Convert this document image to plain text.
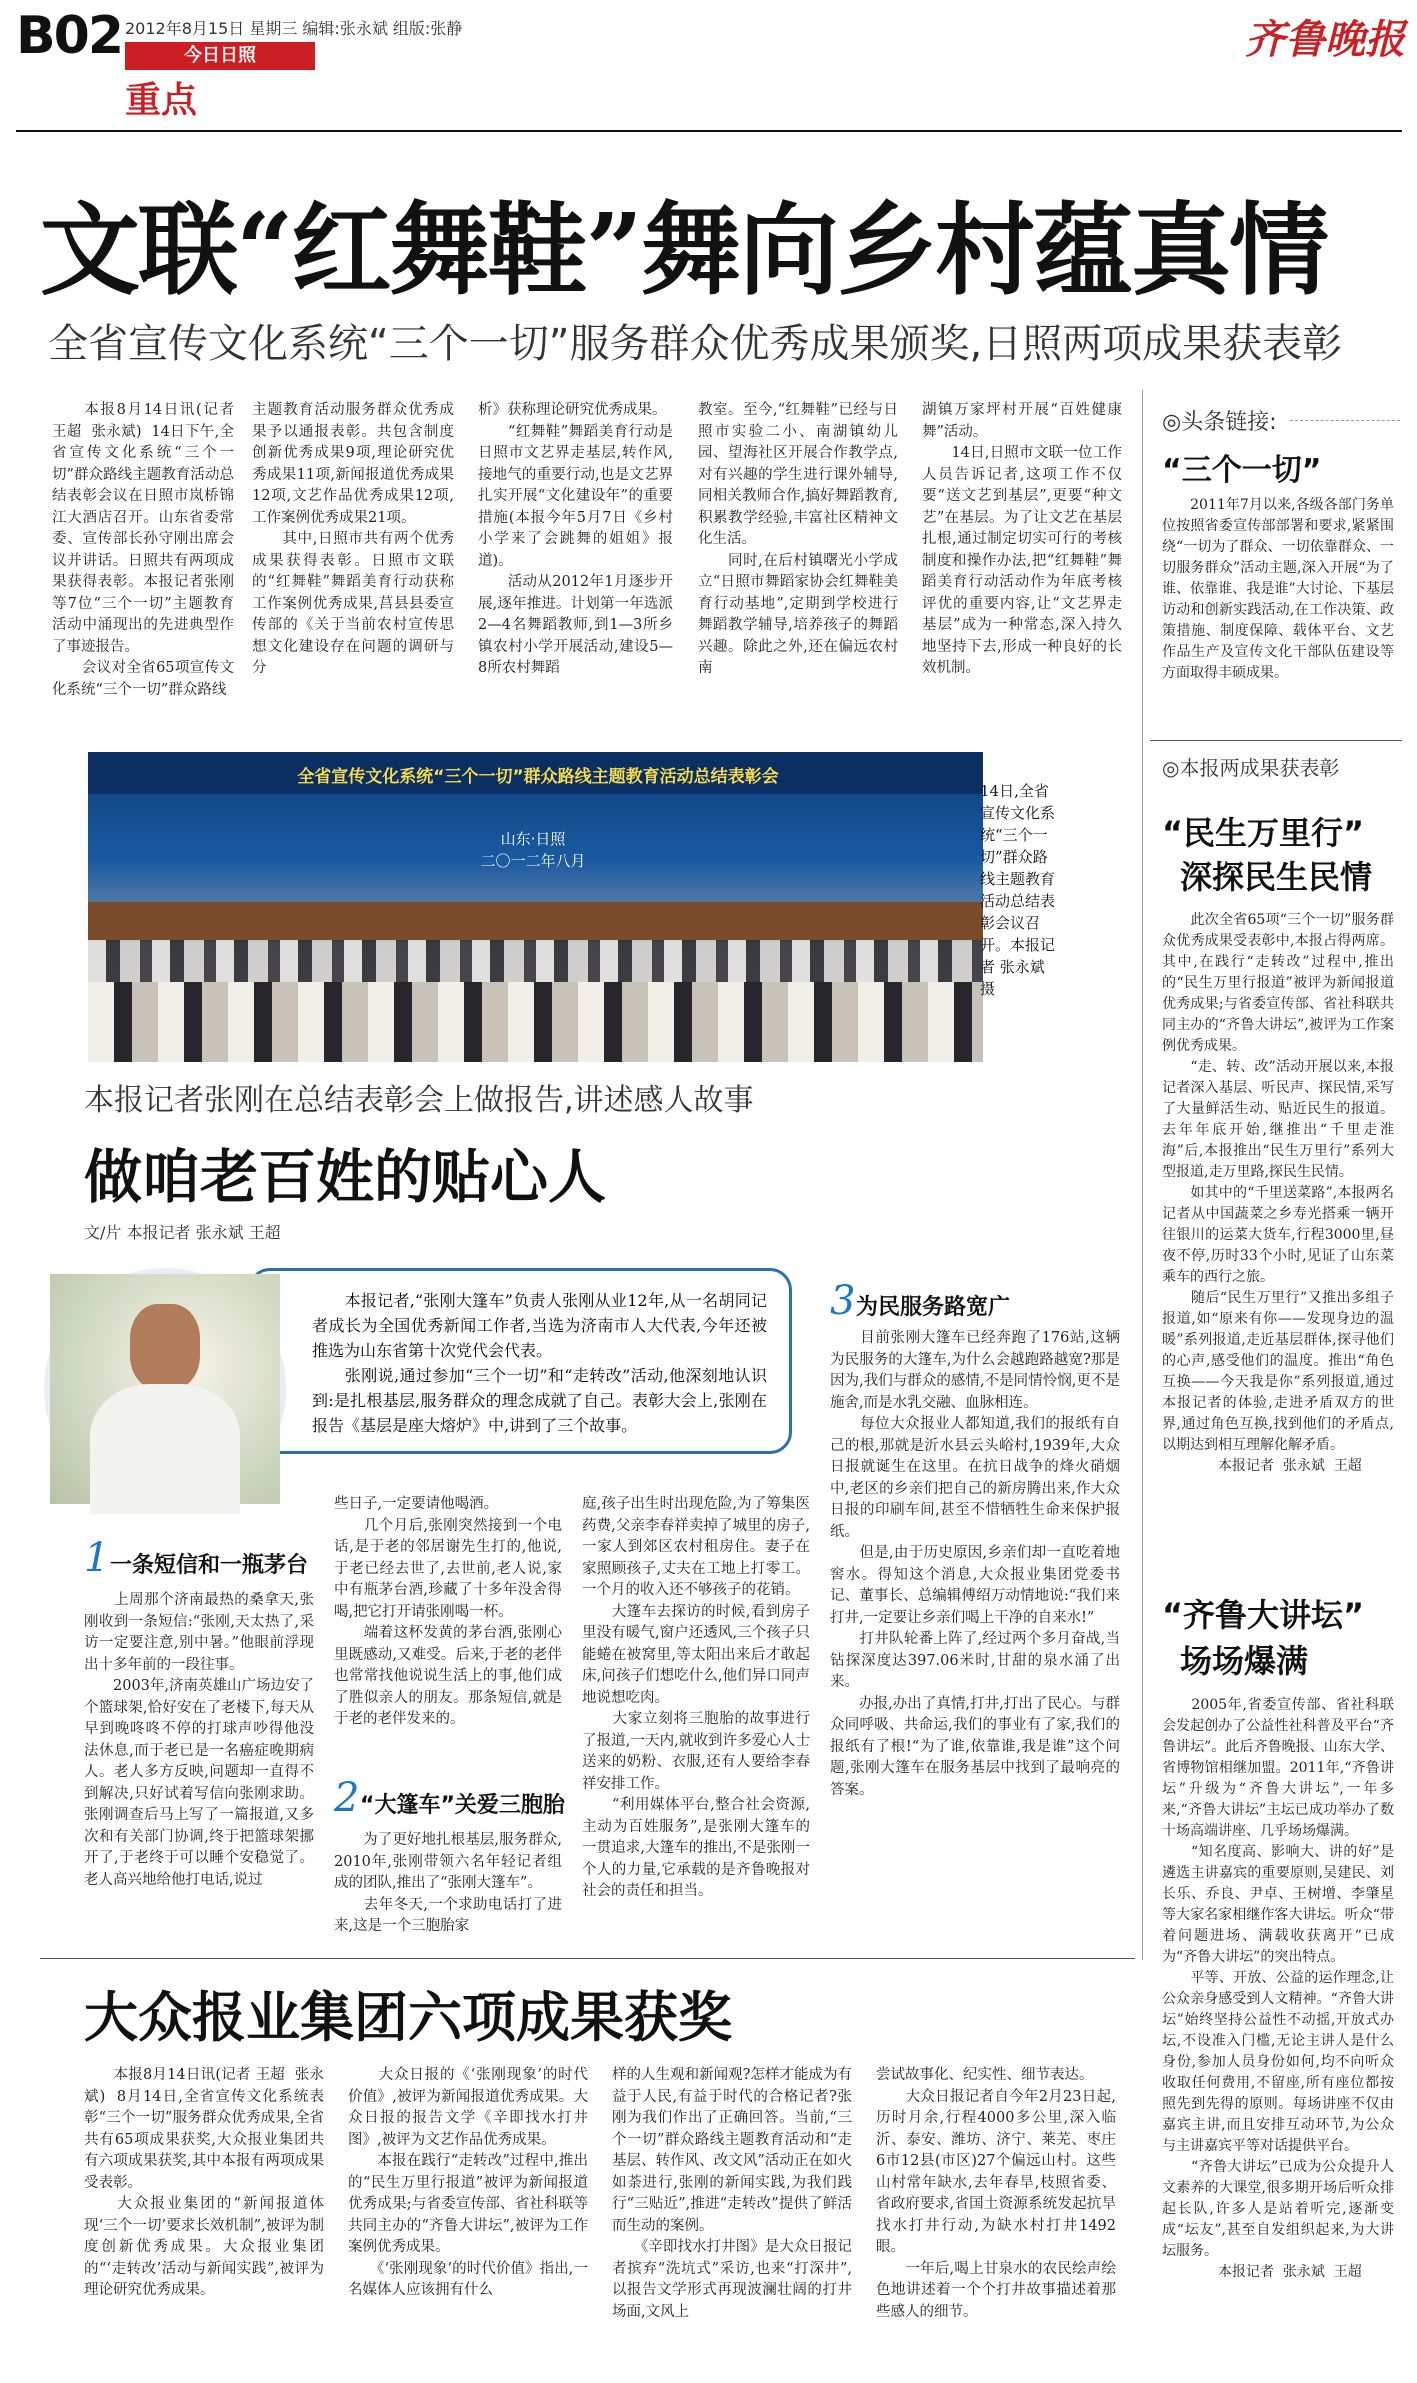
B02 2012年8月15日 星期三 编辑:张永斌 组版:张静
今日日照
重点
齐鲁晚报
文联“红舞鞋”舞向乡村蕴真情
全省宣传文化系统“三个一切”服务群众优秀成果颁奖,日照两项成果获表彰
　　本报8月14日讯(记者 王超  张永斌)  14日下午,全省宣传文化系统“三个一切”群众路线主题教育活动总结表彰会议在日照市岚桥锦江大酒店召开。山东省委常委、宣传部长孙守刚出席会议并讲话。日照共有两项成果获得表彰。本报记者张刚等7位“三个一切”主题教育活动中涌现出的先进典型作了事迹报告。
　　会议对全省65项宣传文化系统“三个一切”群众路线
主题教育活动服务群众优秀成果予以通报表彰。共包含制度创新优秀成果9项,理论研究优秀成果11项,新闻报道优秀成果12项,文艺作品优秀成果12项,工作案例优秀成果21项。
　　其中,日照市共有两个优秀成果获得表彰。日照市文联的“红舞鞋”舞蹈美育行动获称工作案例优秀成果,莒县县委宣传部的《关于当前农村宣传思想文化建设存在问题的调研与分
析》获称理论研究优秀成果。
　　“红舞鞋”舞蹈美育行动是日照市文艺界走基层,转作风,接地气的重要行动,也是文艺界扎实开展“文化建设年”的重要措施(本报今年5月7日《乡村小学来了会跳舞的姐姐》报道)。
　　活动从2012年1月逐步开展,逐年推进。计划第一年选派2—4名舞蹈教师,到1—3所乡镇农村小学开展活动,建设5—8所农村舞蹈
教室。至今,“红舞鞋”已经与日照市实验二小、南湖镇幼儿园、望海社区开展合作教学点,对有兴趣的学生进行课外辅导,同相关教师合作,搞好舞蹈教育,积累教学经验,丰富社区精神文化生活。
　　同时,在后村镇曙光小学成立“日照市舞蹈家协会红舞鞋美育行动基地”,定期到学校进行舞蹈教学辅导,培养孩子的舞蹈兴趣。除此之外,还在偏远农村南
湖镇万家坪村开展“百姓健康舞”活动。
　　14日,日照市文联一位工作人员告诉记者,这项工作不仅要“送文艺到基层”,更要“种文艺”在基层。为了让文艺在基层扎根,通过制定切实可行的考核制度和操作办法,把“红舞鞋”舞蹈美育行动活动作为年底考核评优的重要内容,让“文艺界走基层”成为一种常态,深入持久地坚持下去,形成一种良好的长效机制。
全省宣传文化系统“三个一切”群众路线主题教育活动总结表彰会
山东·日照
二〇一二年八月
14日,全省宣传文化系统“三个一切”群众路线主题教育活动总结表彰会议召开。本报记者 张永斌 摄
本报记者张刚在总结表彰会上做报告,讲述感人故事
做咱老百姓的贴心人
文/片 本报记者 张永斌 王超
　　本报记者,“张刚大篷车”负责人张刚从业12年,从一名胡同记者成长为全国优秀新闻工作者,当选为济南市人大代表,今年还被推选为山东省第十次党代会代表。
　　张刚说,通过参加“三个一切”和“走转改”活动,他深刻地认识到:是扎根基层,服务群众的理念成就了自己。表彰大会上,张刚在报告《基层是座大熔炉》中,讲到了三个故事。
1 一条短信和一瓶茅台
　　上周那个济南最热的桑拿天,张刚收到一条短信:“张刚,天太热了,采访一定要注意,别中暑。”他眼前浮现出十多年前的一段往事。
　　2003年,济南英雄山广场边安了个篮球架,恰好安在了老楼下,每天从早到晚咚咚不停的打球声吵得他没法休息,而于老已是一名癌症晚期病人。老人多方反映,问题却一直得不到解决,只好试着写信向张刚求助。张刚调查后马上写了一篇报道,又多次和有关部门协调,终于把篮球架挪开了,于老终于可以睡个安稳觉了。老人高兴地给他打电话,说过
些日子,一定要请他喝酒。
　　几个月后,张刚突然接到一个电话,是于老的邻居谢先生打的,他说,于老已经去世了,去世前,老人说,家中有瓶茅台酒,珍藏了十多年没舍得喝,把它打开请张刚喝一杯。
　　端着这杯发黄的茅台酒,张刚心里既感动,又难受。后来,于老的老伴也常常找他说说生活上的事,他们成了胜似亲人的朋友。那条短信,就是于老的老伴发来的。
2 “大篷车”关爱三胞胎
　　为了更好地扎根基层,服务群众,2010年,张刚带领六名年轻记者组成的团队,推出了“张刚大篷车”。
　　去年冬天,一个求助电话打了进来,这是一个三胞胎家
庭,孩子出生时出现危险,为了筹集医药费,父亲李春祥卖掉了城里的房子,一家人到郊区农村租房住。妻子在家照顾孩子,丈夫在工地上打零工。一个月的收入还不够孩子的花销。
　　大篷车去探访的时候,看到房子里没有暖气,窗户还透风,三个孩子只能蜷在被窝里,等太阳出来后才敢起床,问孩子们想吃什么,他们异口同声地说想吃肉。
　　大家立刻将三胞胎的故事进行了报道,一天内,就收到许多爱心人士送来的奶粉、衣服,还有人要给李春祥安排工作。
　　“利用媒体平台,整合社会资源,主动为百姓服务”,是张刚大篷车的一贯追求,大篷车的推出,不是张刚一个人的力量,它承载的是齐鲁晚报对社会的责任和担当。
3 为民服务路宽广
　　目前张刚大篷车已经奔跑了176站,这辆为民服务的大篷车,为什么会越跑路越宽?那是因为,我们与群众的感情,不是同情怜悯,更不是施舍,而是水乳交融、血脉相连。
　　每位大众报业人都知道,我们的报纸有自己的根,那就是沂水县云头峪村,1939年,大众日报就诞生在这里。在抗日战争的烽火硝烟中,老区的乡亲们把自己的新房腾出来,作大众日报的印刷车间,甚至不惜牺牲生命来保护报纸。
　　但是,由于历史原因,乡亲们却一直吃着地窖水。得知这个消息,大众报业集团党委书记、董事长、总编辑傅绍万动情地说:“我们来打井,一定要让乡亲们喝上干净的自来水!”
　　打井队轮番上阵了,经过两个多月奋战,当钻探深度达397.06米时,甘甜的泉水涌了出来。
　　办报,办出了真情,打井,打出了民心。与群众同呼吸、共命运,我们的事业有了家,我们的报纸有了根!“为了谁,依靠谁,我是谁”这个问题,张刚大篷车在服务基层中找到了最响亮的答案。
◎头条链接:
“三个一切”
　　2011年7月以来,各级各部门务单位按照省委宣传部部署和要求,紧紧围绕“一切为了群众、一切依靠群众、一切服务群众”活动主题,深入开展“为了谁、依靠谁、我是谁”大讨论、下基层访动和创新实践活动,在工作决策、政策措施、制度保障、载体平台、文艺作品生产及宣传文化干部队伍建设等方面取得丰硕成果。
◎本报两成果获表彰
“民生万里行”
深探民生民情
　　此次全省65项“三个一切”服务群众优秀成果受表彰中,本报占得两席。其中,在践行“走转改”过程中,推出的“民生万里行报道”被评为新闻报道优秀成果;与省委宣传部、省社科联共同主办的“齐鲁大讲坛”,被评为工作案例优秀成果。
　　“走、转、改”活动开展以来,本报记者深入基层、听民声、探民情,采写了大量鲜活生动、贴近民生的报道。去年年底开始,继推出“千里走淮海”后,本报推出“民生万里行”系列大型报道,走万里路,探民生民情。
　　如其中的“千里送菜路”,本报两名记者从中国蔬菜之乡寿光搭乘一辆开往银川的运菜大货车,行程3000里,昼夜不停,历时33个小时,见证了山东菜乘车的西行之旅。
　　随后“民生万里行”又推出多组子报道,如“原来有你——发现身边的温暖”系列报道,走近基层群体,探寻他们的心声,感受他们的温度。推出“角色互换——今天我是你”系列报道,通过本报记者的体验,走进矛盾双方的世界,通过角色互换,找到他们的矛盾点,以期达到相互理解化解矛盾。
　　　　本报记者  张永斌  王超
“齐鲁大讲坛”
场场爆满
　　2005年,省委宣传部、省社科联会发起创办了公益性社科普及平台“齐鲁讲坛”。此后齐鲁晚报、山东大学、省博物馆相继加盟。2011年,“齐鲁讲坛”升级为“齐鲁大讲坛”,一年多来,“齐鲁大讲坛”主坛已成功举办了数十场高端讲座、几乎场场爆满。
　　“知名度高、影响大、讲的好”是遴选主讲嘉宾的重要原则,吴建民、刘长乐、乔良、尹卓、王树增、李肇星等大家名家相继作客大讲坛。听众“带着问题进场、满载收获离开”已成为“齐鲁大讲坛”的突出特点。
　　平等、开放、公益的运作理念,让公众亲身感受到人文精神。“齐鲁大讲坛”始终坚持公益性不动摇,开放式办坛,不设准入门槛,无论主讲人是什么身份,参加人员身份如何,均不向听众收取任何费用,不留座,所有座位都按照先到先得的原则。每场讲座不仅由嘉宾主讲,而且安排互动环节,为公众与主讲嘉宾平等对话提供平台。
　　“齐鲁大讲坛”已成为公众提升人文素养的大课堂,很多期开场后听众排起长队,许多人是站着听完,逐渐变成“坛友”,甚至自发组织起来,为大讲坛服务。
　　　　本报记者  张永斌  王超
大众报业集团六项成果获奖
　　本报8月14日讯(记者 王超  张永斌)  8月14日,全省宣传文化系统表彰“三个一切”服务群众优秀成果,全省共有65项成果获奖,大众报业集团共有六项成果获奖,其中本报有两项成果受表彰。
　　大众报业集团的“新闻报道体现‘三个一切’要求长效机制”,被评为制度创新优秀成果。大众报业集团的“‘走转改’活动与新闻实践”,被评为理论研究优秀成果。
　　大众日报的《‘张刚现象’的时代价值》,被评为新闻报道优秀成果。大众日报的报告文学《辛即找水打井图》,被评为文艺作品优秀成果。
　　本报在践行“走转改”过程中,推出的“民生万里行报道”被评为新闻报道优秀成果;与省委宣传部、省社科联等共同主办的“齐鲁大讲坛”,被评为工作案例优秀成果。
　　《‘张刚现象’的时代价值》指出,一名媒体人应该拥有什么
样的人生观和新闻观?怎样才能成为有益于人民,有益于时代的合格记者?张刚为我们作出了正确回答。当前,“三个一切”群众路线主题教育活动和“走基层、转作风、改文风”活动正在如火如荼进行,张刚的新闻实践,为我们践行“三贴近”,推进“走转改”提供了鲜活而生动的案例。
　　《辛即找水打井图》是大众日报记者摈弃“洗坑式”采访,也来“打深井”,以报告文学形式再现波澜壮阔的打井场面,文风上
尝试故事化、纪实性、细节表达。
　　大众日报记者自今年2月23日起,历时月余,行程4000多公里,深入临沂、泰安、潍坊、济宁、莱芜、枣庄6市12县(市区)27个偏远山村。这些山村常年缺水,去年春旱,枝照省委、省政府要求,省国土资源系统发起抗旱找水打井行动,为缺水村打井1492眼。
　　一年后,喝上甘泉水的农民绘声绘色地讲述着一个个打井故事描述着那些感人的细节。
